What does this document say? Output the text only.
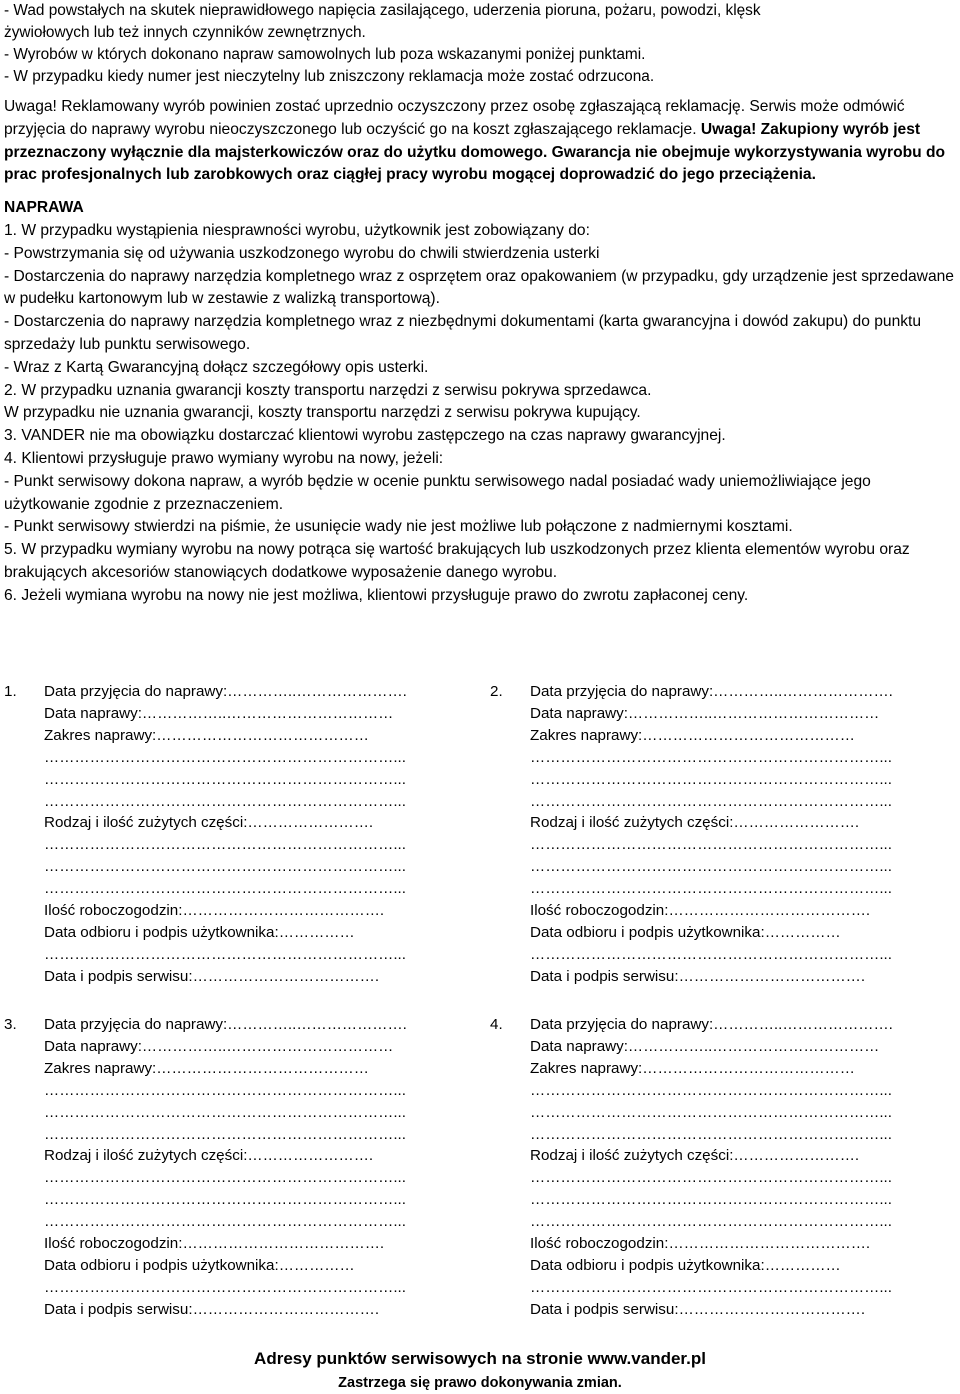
- Wad powstałych na skutek nieprawidłowego napięcia zasilającego, uderzenia pioruna, pożaru, powodzi, klęsk

żywiołowych lub też innych czynników zewnętrznych.

- Wyrobów w których dokonano napraw samowolnych lub poza wskazanymi poniżej punktami.

- W przypadku kiedy numer jest nieczytelny lub zniszczony reklamacja może zostać odrzucona.

Uwaga! Reklamowany wyrób powinien zostać uprzednio oczyszczony przez osobę zgłaszającą reklamację. Serwis może odmówić przyjęcia do naprawy wyrobu nieoczyszczonego lub oczyścić go na koszt zgłaszającego reklamacje. Uwaga! Zakupiony wyrób jest przeznaczony wyłącznie dla majsterkowiczów oraz do użytku domowego. Gwarancja nie obejmuje wykorzystywania wyrobu do prac profesjonalnych lub zarobkowych oraz ciągłej pracy wyrobu mogącej doprowadzić do jego przeciążenia.

NAPRAWA

1. W przypadku wystąpienia niesprawności wyrobu, użytkownik jest zobowiązany do:

- Powstrzymania się od używania uszkodzonego wyrobu do chwili stwierdzenia usterki

- Dostarczenia do naprawy narzędzia kompletnego wraz z osprzętem oraz opakowaniem (w przypadku, gdy urządzenie jest sprzedawane w pudełku kartonowym lub w zestawie z walizką transportową).

- Dostarczenia do naprawy narzędzia kompletnego wraz z niezbędnymi dokumentami (karta gwarancyjna i dowód zakupu) do punktu sprzedaży lub punktu serwisowego.

- Wraz z Kartą Gwarancyjną dołącz szczegółowy opis usterki.

2. W przypadku uznania gwarancji koszty transportu narzędzi z serwisu pokrywa sprzedawca.

W przypadku nie uznania gwarancji, koszty transportu narzędzi z serwisu pokrywa kupujący.

3. VANDER nie ma obowiązku dostarczać klientowi wyrobu zastępczego na czas naprawy gwarancyjnej.

4. Klientowi przysługuje prawo wymiany wyrobu na nowy, jeżeli:

- Punkt serwisowy dokona napraw, a wyrób będzie w ocenie punktu serwisowego nadal posiadać wady uniemożliwiające jego użytkowanie zgodnie z przeznaczeniem.

- Punkt serwisowy stwierdzi na piśmie, że usunięcie wady nie jest możliwe lub połączone z nadmiernymi kosztami.

5. W przypadku wymiany wyrobu na nowy potrąca się wartość brakujących lub uszkodzonych przez klienta elementów wyrobu oraz brakujących akcesoriów stanowiących dodatkowe wyposażenie danego wyrobu.

6. Jeżeli wymiana wyrobu na nowy nie jest możliwa, klientowi przysługuje prawo do zwrotu zapłaconej ceny.

1.	Data przyjęcia do naprawy:…………..………………….
Data naprawy:……………..……………………………
Zakres naprawy:……………………………………
……………………………………………………………...
……………………………………………………………...
……………………………………………………………...
Rodzaj i ilość zużytych części:…………………….
……………………………………………………………...
……………………………………………………………...
……………………………………………………………...
Ilość roboczogodzin:………………………………….
Data odbioru i podpis użytkownika:……………
……………………………………………………………...
Data i podpis serwisu:……………………………….
2.	Data przyjęcia do naprawy:…………..………………….
Data naprawy:……………..……………………………
Zakres naprawy:……………………………………
……………………………………………………………...
……………………………………………………………...
……………………………………………………………...
Rodzaj i ilość zużytych części:…………………….
……………………………………………………………...
……………………………………………………………...
……………………………………………………………...
Ilość roboczogodzin:………………………………….
Data odbioru i podpis użytkownika:……………
……………………………………………………………...
Data i podpis serwisu:……………………………….
3.	Data przyjęcia do naprawy:…………..………………….
Data naprawy:……………..……………………………
Zakres naprawy:……………………………………
……………………………………………………………...
……………………………………………………………...
……………………………………………………………...
Rodzaj i ilość zużytych części:…………………….
……………………………………………………………...
……………………………………………………………...
……………………………………………………………...
Ilość roboczogodzin:………………………………….
Data odbioru i podpis użytkownika:……………
……………………………………………………………...
Data i podpis serwisu:……………………………….
4.	Data przyjęcia do naprawy:…………..………………….
Data naprawy:……………..……………………………
Zakres naprawy:……………………………………
……………………………………………………………...
……………………………………………………………...
……………………………………………………………...
Rodzaj i ilość zużytych części:…………………….
……………………………………………………………...
……………………………………………………………...
……………………………………………………………...
Ilość roboczogodzin:………………………………….
Data odbioru i podpis użytkownika:……………
……………………………………………………………...
Data i podpis serwisu:……………………………….
Adresy punktów serwisowych na stronie www.vander.pl
Zastrzega się prawo dokonywania zmian.
